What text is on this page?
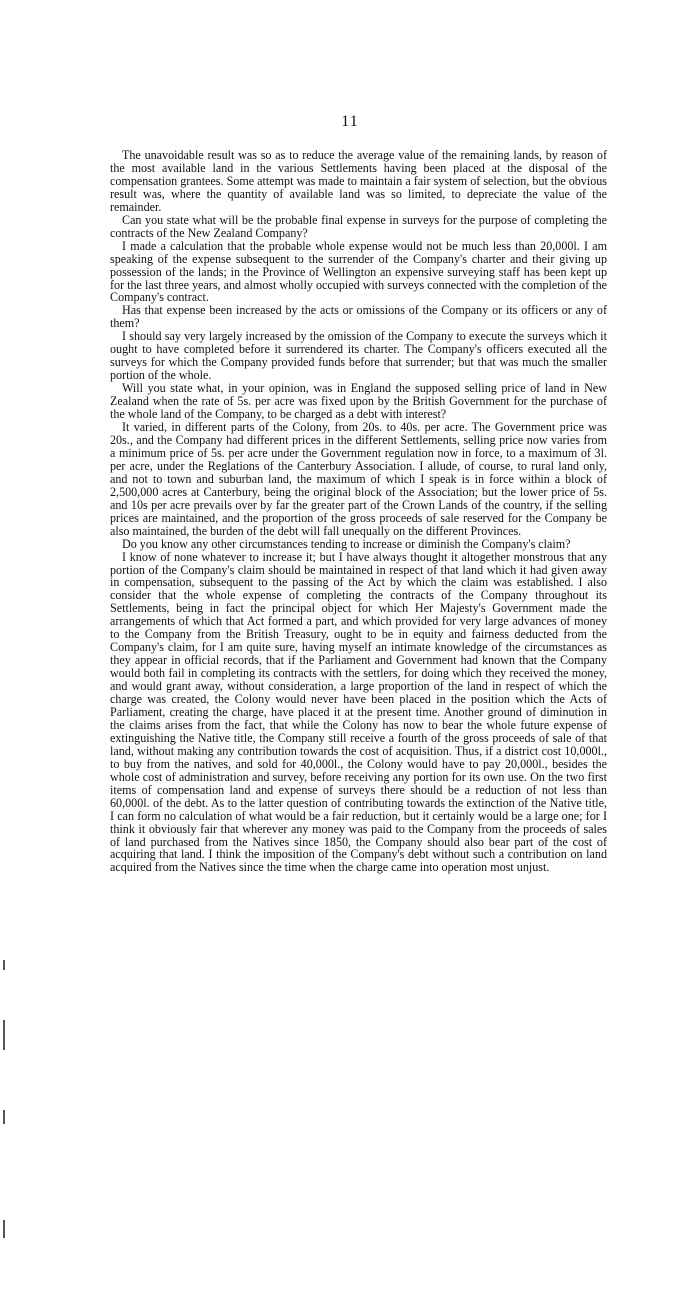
11

The unavoidable result was so as to reduce the average value of the remaining lands, by reason of the most available land in the various Settlements having been placed at the disposal of the compensation grantees. Some attempt was made to maintain a fair system of selection, but the obvious result was, where the quantity of available land was so limited, to depreciate the value of the remainder.

Can you state what will be the probable final expense in surveys for the purpose of completing the contracts of the New Zealand Company?

I made a calculation that the probable whole expense would not be much less than 20,000l. I am speaking of the expense subsequent to the surrender of the Company's charter and their giving up possession of the lands; in the Province of Wellington an expensive surveying staff has been kept up for the last three years, and almost wholly occupied with surveys connected with the completion of the Company's contract.

Has that expense been increased by the acts or omissions of the Company or its officers or any of them?

I should say very largely increased by the omission of the Company to execute the surveys which it ought to have completed before it surrendered its charter. The Company's officers executed all the surveys for which the Company provided funds before that surrender; but that was much the smaller portion of the whole.

Will you state what, in your opinion, was in England the supposed selling price of land in New Zealand when the rate of 5s. per acre was fixed upon by the British Government for the purchase of the whole land of the Company, to be charged as a debt with interest?

It varied, in different parts of the Colony, from 20s. to 40s. per acre. The Government price was 20s., and the Company had different prices in the different Settlements, selling price now varies from a minimum price of 5s. per acre under the Government regulation now in force, to a maximum of 3l. per acre, under the Reglations of the Canterbury Association. I allude, of course, to rural land only, and not to town and suburban land, the maximum of which I speak is in force within a block of 2,500,000 acres at Canterbury, being the original block of the Association; but the lower price of 5s. and 10s per acre prevails over by far the greater part of the Crown Lands of the country, if the selling prices are maintained, and the proportion of the gross proceeds of sale reserved for the Company be also maintained, the burden of the debt will fall unequally on the different Provinces.

Do you know any other circumstances tending to increase or diminish the Company's claim?

I know of none whatever to increase it; but I have always thought it altogether monstrous that any portion of the Company's claim should be maintained in respect of that land which it had given away in compensation, subsequent to the passing of the Act by which the claim was established. I also consider that the whole expense of completing the contracts of the Company throughout its Settlements, being in fact the principal object for which Her Majesty's Government made the arrangements of which that Act formed a part, and which provided for very large advances of money to the Company from the British Treasury, ought to be in equity and fairness deducted from the Company's claim, for I am quite sure, having myself an intimate knowledge of the circumstances as they appear in official records, that if the Parliament and Government had known that the Company would both fail in completing its contracts with the settlers, for doing which they received the money, and would grant away, without consideration, a large proportion of the land in respect of which the charge was created, the Colony would never have been placed in the position which the Acts of Parliament, creating the charge, have placed it at the present time. Another ground of diminution in the claims arises from the fact, that while the Colony has now to bear the whole future expense of extinguishing the Native title, the Company still receive a fourth of the gross proceeds of sale of that land, without making any contribution towards the cost of acquisition. Thus, if a district cost 10,000l., to buy from the natives, and sold for 40,000l., the Colony would have to pay 20,000l., besides the whole cost of administration and survey, before receiving any portion for its own use. On the two first items of compensation land and expense of surveys there should be a reduction of not less than 60,000l. of the debt. As to the latter question of contributing towards the extinction of the Native title, I can form no calculation of what would be a fair reduction, but it certainly would be a large one; for I think it obviously fair that wherever any money was paid to the Company from the proceeds of sales of land purchased from the Natives since 1850, the Company should also bear part of the cost of acquiring that land. I think the imposition of the Company's debt without such a contribution on land acquired from the Natives since the time when the charge came into operation most unjust.
